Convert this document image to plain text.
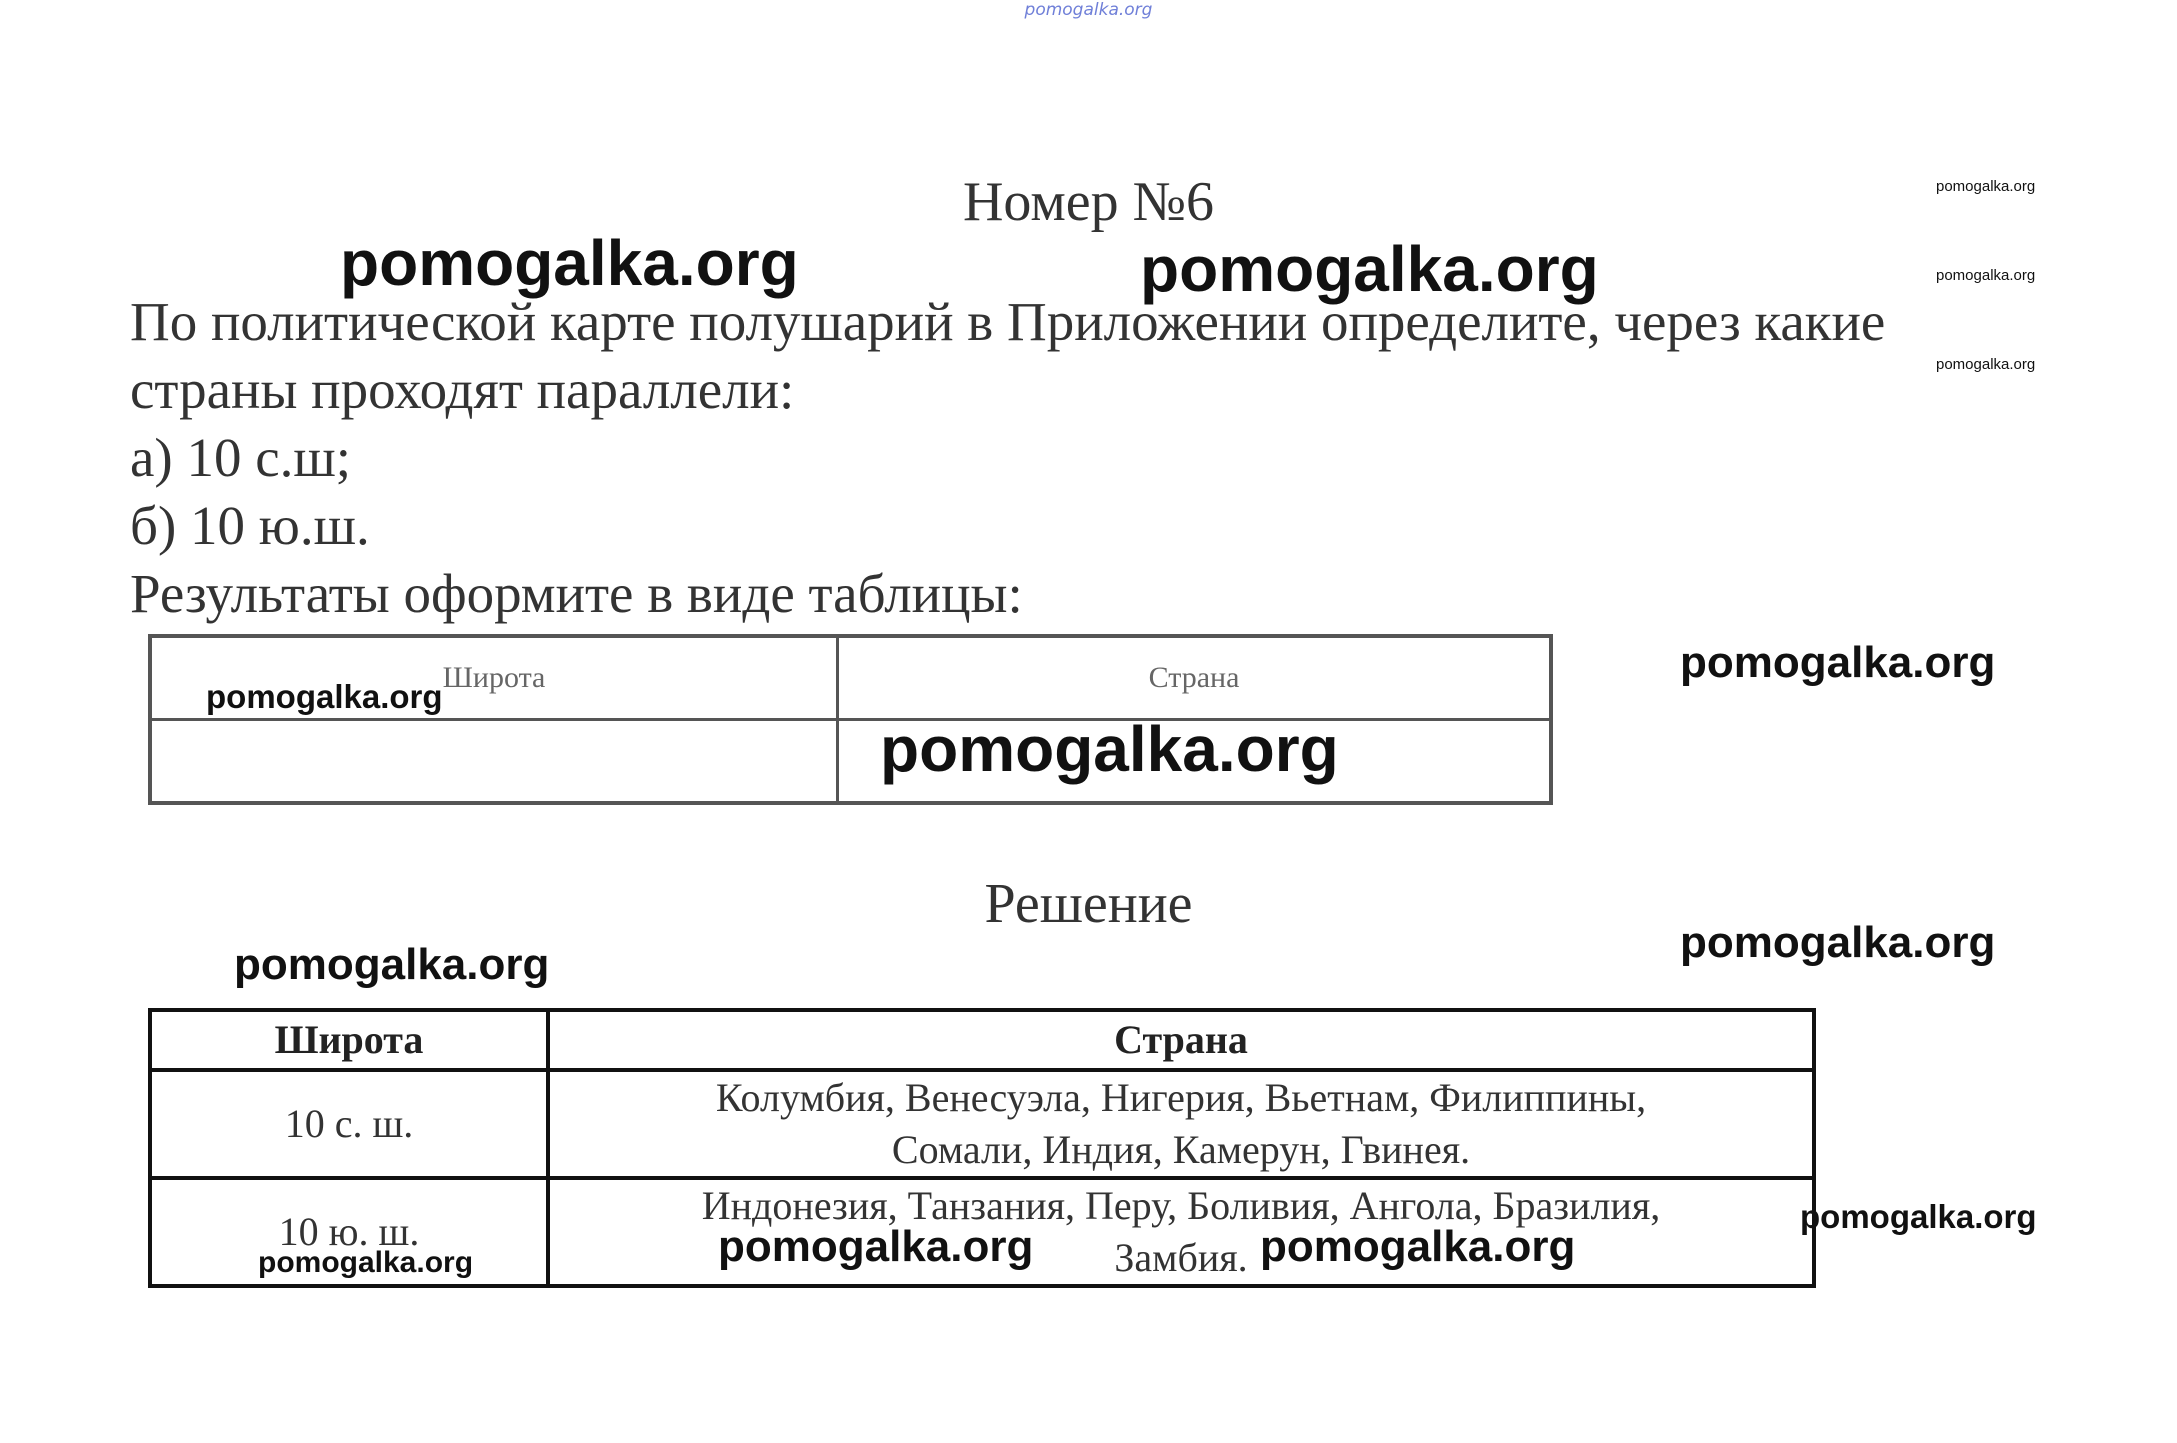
pomogalka.org
Номер №6
По политической карте полушарий в Приложении определите, через какие
страны проходят параллели:
а) 10 с.ш;
б) 10 ю.ш.
Результаты оформите в виде таблицы:
Широта	Страна

Решение
Широта	Страна
10 с. ш.	Колумбия, Венесуэла, Нигерия, Вьетнам, Филиппины,
Сомали, Индия, Камерун, Гвинея.

10 ю. ш.	Индонезия, Танзания, Перу, Боливия, Ангола, Бразилия,
Замбия.
pomogalka.org	pomogalka.org
pomogalka.org
pomogalka.org
pomogalka.org
pomogalka.org
pomogalka.org
pomogalka.org
pomogalka.org	pomogalka.org
pomogalka.org	pomogalka.org	pomogalka.org
pomogalka.org
